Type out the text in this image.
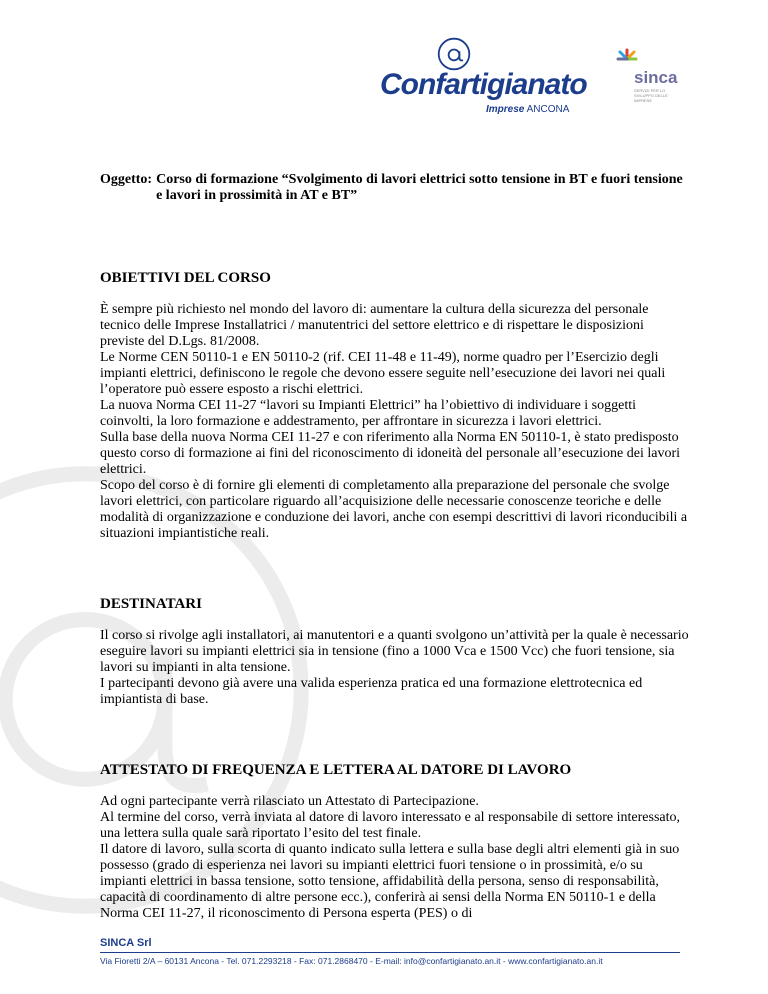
Confartigianato
Imprese ANCONA
sinca
SERVIZI PER LO SVILUPPO DELLE IMPRESE
Oggetto: Corso di formazione “Svolgimento di lavori elettrici sotto tensione in BT e fuori tensione e lavori in prossimità in AT e BT”
OBIETTIVI DEL CORSO

È sempre più richiesto nel mondo del lavoro di: aumentare la cultura della sicurezza del personale tecnico delle Imprese Installatrici / manutentrici del settore elettrico e di rispettare le disposizioni previste del D.Lgs. 81/2008.

Le Norme CEN 50110-1 e EN 50110-2 (rif. CEI 11-48 e 11-49), norme quadro per l’Esercizio degli impianti elettrici, definiscono le regole che devono essere seguite nell’esecuzione dei lavori nei quali l’operatore può essere esposto a rischi elettrici.

La nuova Norma CEI 11-27 “lavori su Impianti Elettrici” ha l’obiettivo di individuare i soggetti coinvolti, la loro formazione e addestramento, per affrontare in sicurezza i lavori elettrici.

Sulla base della nuova Norma CEI 11-27 e con riferimento alla Norma EN 50110-1, è stato predisposto questo corso di formazione ai fini del riconoscimento di idoneità del personale all’esecuzione dei lavori elettrici.

Scopo del corso è di fornire gli elementi di completamento alla preparazione del personale che svolge lavori elettrici, con particolare riguardo all’acquisizione delle necessarie conoscenze teoriche e delle modalità di organizzazione e conduzione dei lavori, anche con esempi descrittivi di lavori riconducibili a situazioni impiantistiche reali.

DESTINATARI

Il corso si rivolge agli installatori, ai manutentori e a quanti svolgono un’attività per la quale è necessario eseguire lavori su impianti elettrici sia in tensione (fino a 1000 Vca e 1500 Vcc) che fuori tensione, sia lavori su impianti in alta tensione.

I partecipanti devono già avere una valida esperienza pratica ed una formazione elettrotecnica ed impiantista di base.

ATTESTATO DI FREQUENZA E LETTERA AL DATORE DI LAVORO

Ad ogni partecipante verrà rilasciato un Attestato di Partecipazione.

Al termine del corso, verrà inviata al datore di lavoro interessato e al responsabile di settore interessato, una lettera sulla quale sarà riportato l’esito del test finale.

Il datore di lavoro, sulla scorta di quanto indicato sulla lettera e sulla base degli altri elementi già in suo possesso (grado di esperienza nei lavori su impianti elettrici fuori tensione o in prossimità, e/o su impianti elettrici in bassa tensione, sotto tensione, affidabilità della persona, senso di responsabilità, capacità di coordinamento di altre persone ecc.), conferirà ai sensi della Norma EN 50110-1 e della Norma CEI 11-27, il riconoscimento di Persona esperta (PES) o di

SINCA Srl
Via Fioretti 2/A – 60131 Ancona - Tel. 071.2293218 - Fax: 071.2868470 - E-mail: info@confartigianato.an.it - www.confartigianato.an.it
